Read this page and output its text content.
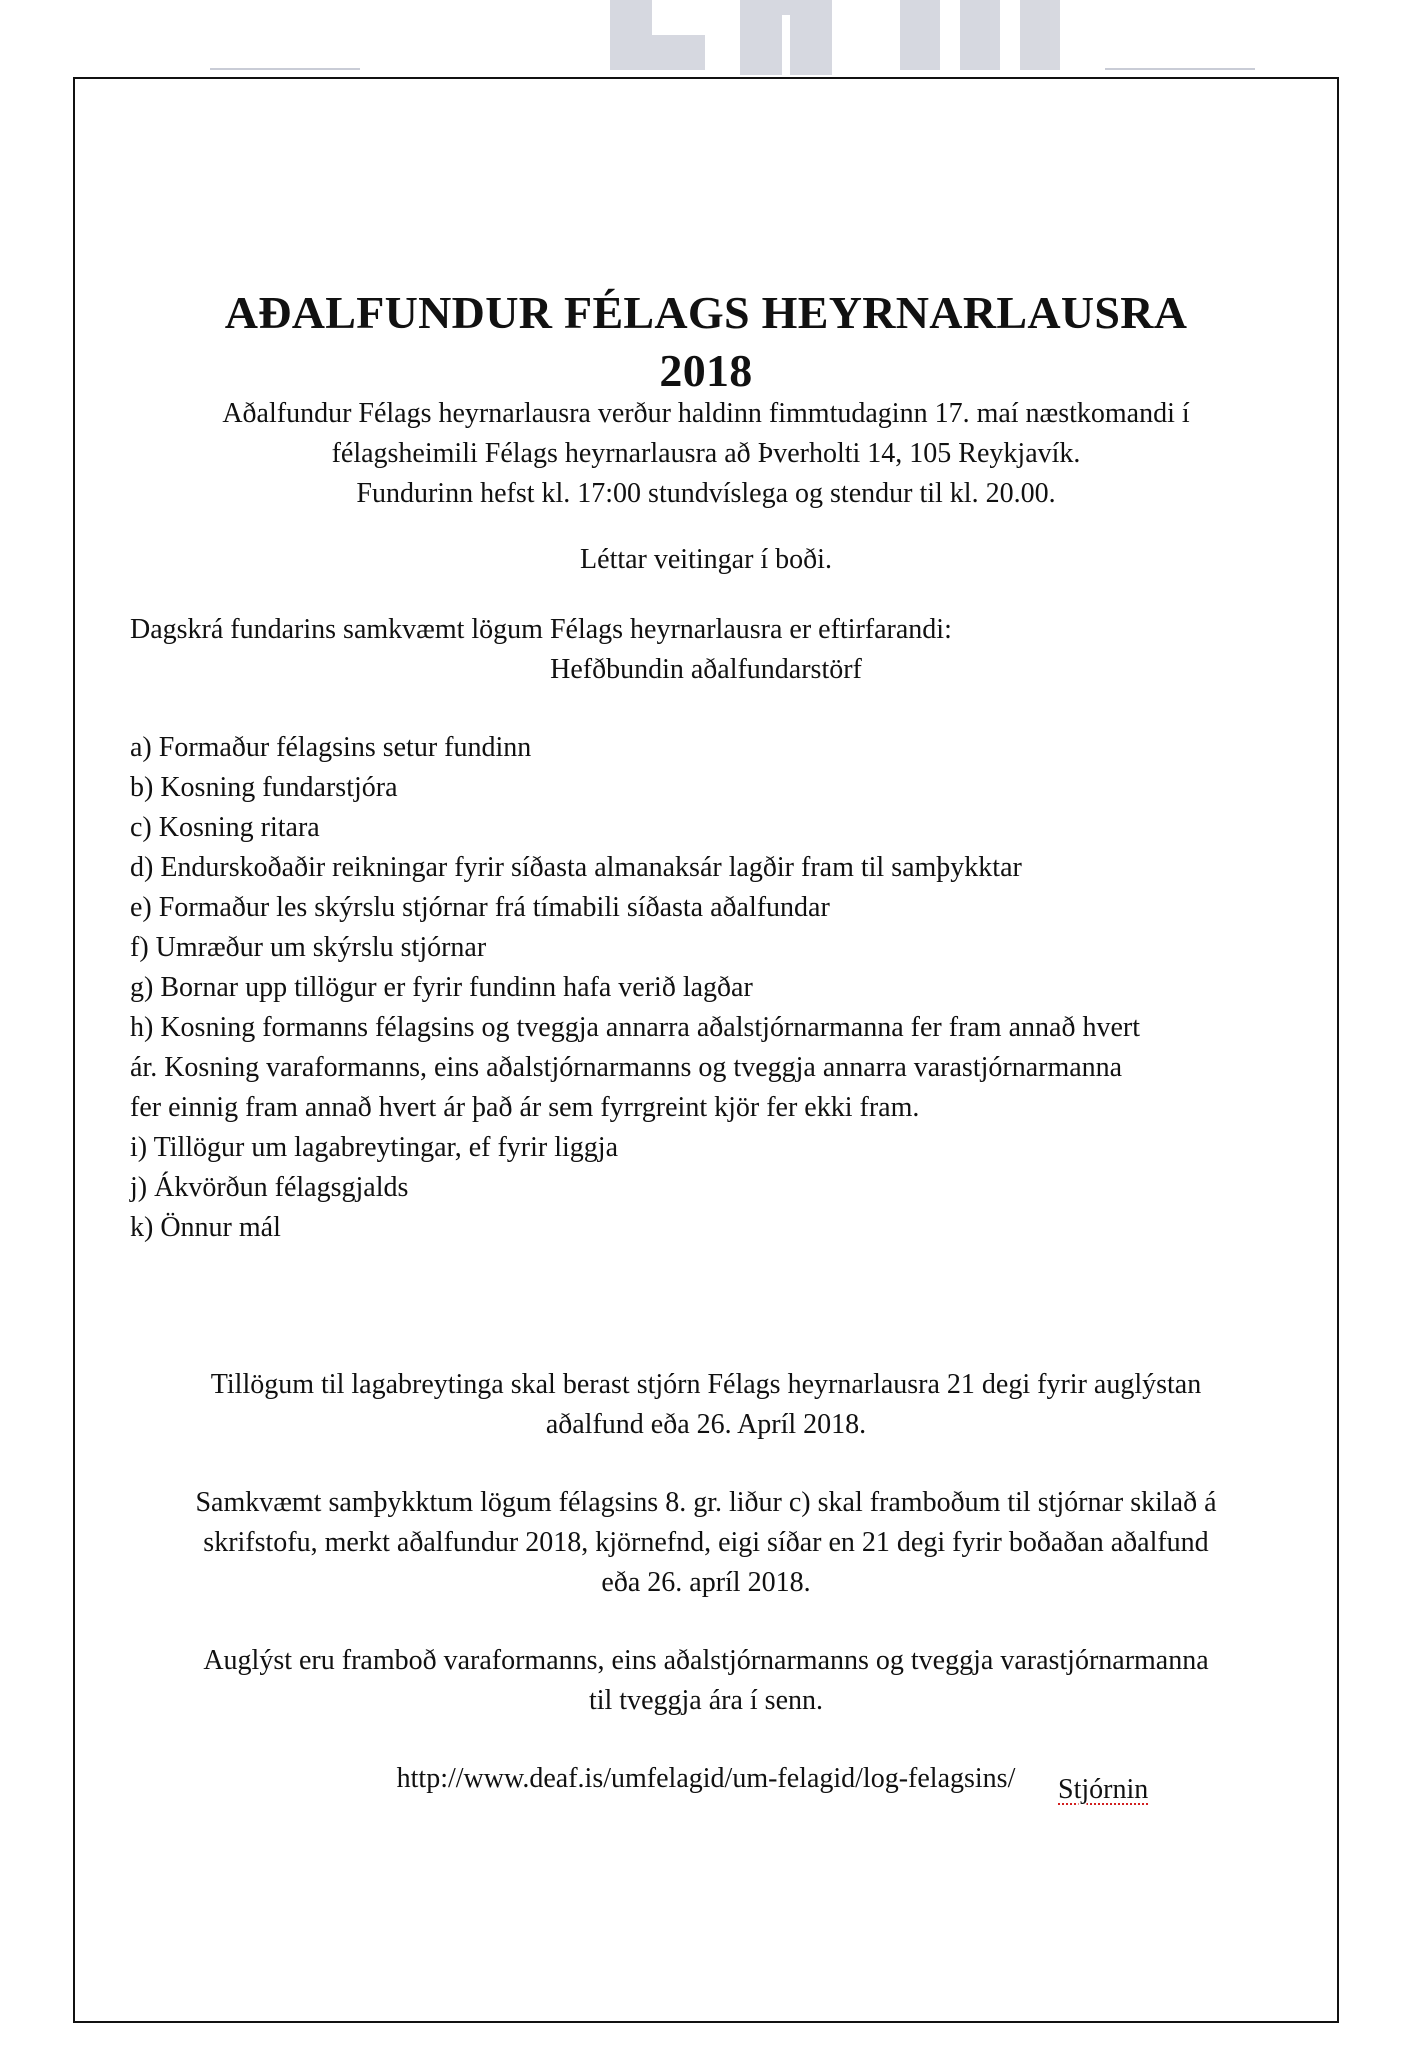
AÐALFUNDUR FÉLAGS HEYRNARLAUSRA
2018
Aðalfundur Félags heyrnarlausra verður haldinn fimmtudaginn 17. maí næstkomandi í
félagsheimili Félags heyrnarlausra að Þverholti 14, 105 Reykjavík.
Fundurinn hefst kl. 17:00 stundvíslega og stendur til kl. 20.00.
Léttar veitingar í boði.
Dagskrá fundarins samkvæmt lögum Félags heyrnarlausra er eftirfarandi:
Hefðbundin aðalfundarstörf
a) Formaður félagsins setur fundinn
b) Kosning fundarstjóra
c) Kosning ritara
d) Endurskoðaðir reikningar fyrir síðasta almanaksár lagðir fram til samþykktar
e) Formaður les skýrslu stjórnar frá tímabili síðasta aðalfundar
f) Umræður um skýrslu stjórnar
g) Bornar upp tillögur er fyrir fundinn hafa verið lagðar
h) Kosning formanns félagsins og tveggja annarra aðalstjórnarmanna fer fram annað hvert
ár. Kosning varaformanns, eins aðalstjórnarmanns og tveggja annarra varastjórnarmanna
fer einnig fram annað hvert ár það ár sem fyrrgreint kjör fer ekki fram.
i) Tillögur um lagabreytingar, ef fyrir liggja
j) Ákvörðun félagsgjalds
k) Önnur mál
Tillögum til lagabreytinga skal berast stjórn Félags heyrnarlausra 21 degi fyrir auglýstan
aðalfund eða 26. Apríl 2018.
Samkvæmt samþykktum lögum félagsins 8. gr. liður c) skal framboðum til stjórnar skilað á
skrifstofu, merkt aðalfundur 2018, kjörnefnd, eigi síðar en 21 degi fyrir boðaðan aðalfund
eða 26. apríl 2018.
Auglýst eru framboð varaformanns, eins aðalstjórnarmanns og tveggja varastjórnarmanna
til tveggja ára í senn.
http://www.deaf.is/umfelagid/um-felagid/log-felagsins/	Stjórnin
